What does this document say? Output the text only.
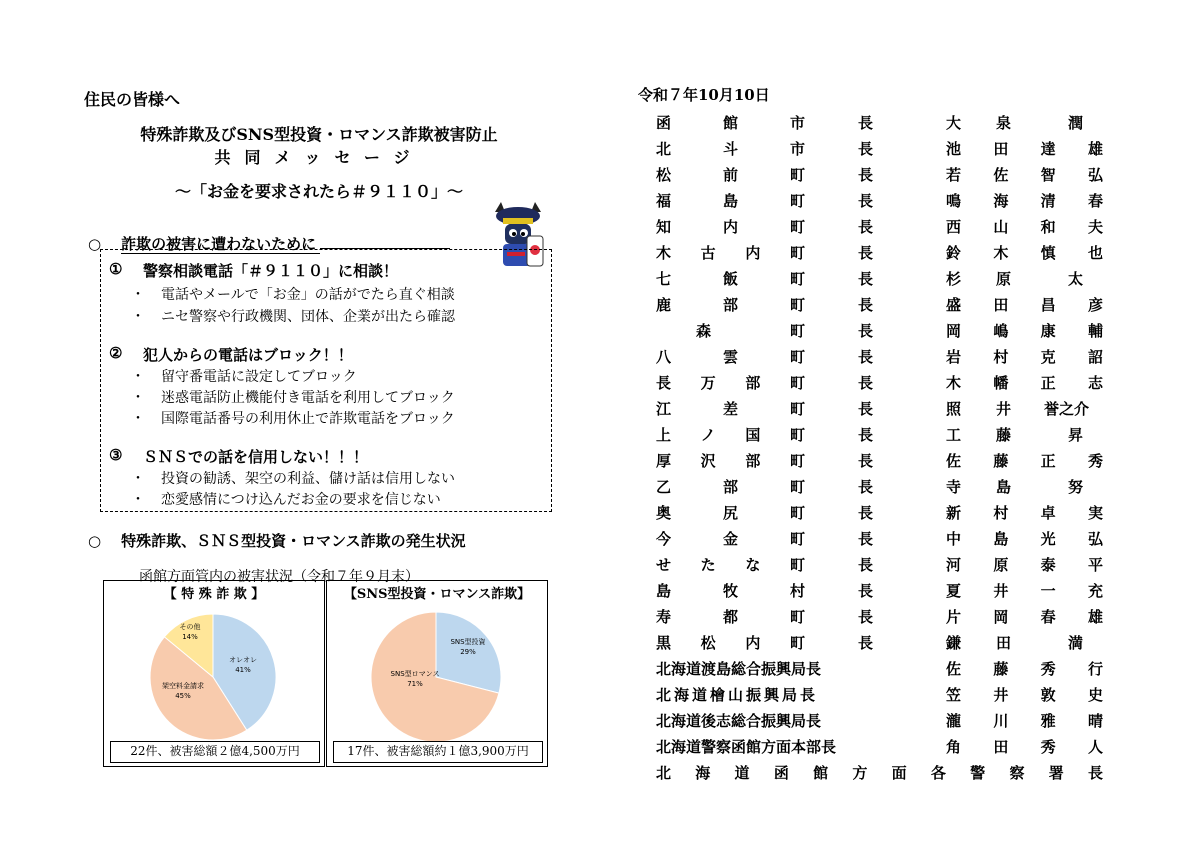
住民の皆様へ
特殊詐欺及びSNS型投資・ロマンス詐欺被害防止
共同メッセージ
～「お金を要求されたら＃９１１０」～
○ 詐欺の被害に遭わないために
① 警察相談電話「＃９１１０」に相談！
・ 電話やメールで「お金」の話がでたら直ぐ相談
・ ニセ警察や行政機関、団体、企業が出たら確認
② 犯人からの電話はブロック！！
・ 留守番電話に設定してブロック
・ 迷惑電話防止機能付き電話を利用してブロック
・ 国際電話番号の利用休止で詐欺電話をブロック
③ ＳＮＳでの話を信用しない！！！
・ 投資の勧誘、架空の利益、儲け話は信用しない
・ 恋愛感情につけ込んだお金の要求を信じない
○ 特殊詐欺、ＳＮＳ型投資・ロマンス詐欺の発生状況
函館方面管内の被害状況（令和７年９月末）
【 特 殊 詐 欺 】
オレオレ
41%
架空料金請求
45%
その他
14%
22件、被害総額２億4,500万円
【SNS型投資・ロマンス詐欺】
SNS型投資
29%
SNS型ロマンス
71%
17件、被害総額約１億3,900万円
令和７年10月10日
函	館	市	長	大 泉	潤
北	斗	市	長	池 田 達 雄
松	前	町	長	若 佐 智 弘
福	島	町	長	鳴 海 清 春
知	内	町	長	西 山 和 夫
木 古 内 町	長	鈴 木 慎 也
七	飯	町	長	杉 原	太
鹿	部	町	長	盛 田 昌 彦
森	町	長	岡 嶋 康 輔
八	雲	町	長	岩 村 克 詔
長 万 部 町	長	木 幡 正 志
江	差	町	長	照 井 誉之介
上 ノ 国 町	長	工 藤	昇
厚 沢 部 町	長	佐 藤 正 秀
乙	部	町	長	寺 島	努
奥	尻	町	長	新 村 卓 実
今	金	町	長	中 島 光 弘
せ た な 町	長	河 原 泰 平
島	牧	村	長	夏 井 一 充
寿	都	町	長	片 岡 春 雄
黒 松 内 町	長	鎌 田	満
北海道渡島総合振興局長	佐 藤 秀 行
北海道檜山振興局長	笠 井 敦 史
北海道後志総合振興局長	瀧 川 雅 晴
北海道警察函館方面本部長	角 田 秀 人
北 海 道 函 館 方 面 各 警 察 署 長
